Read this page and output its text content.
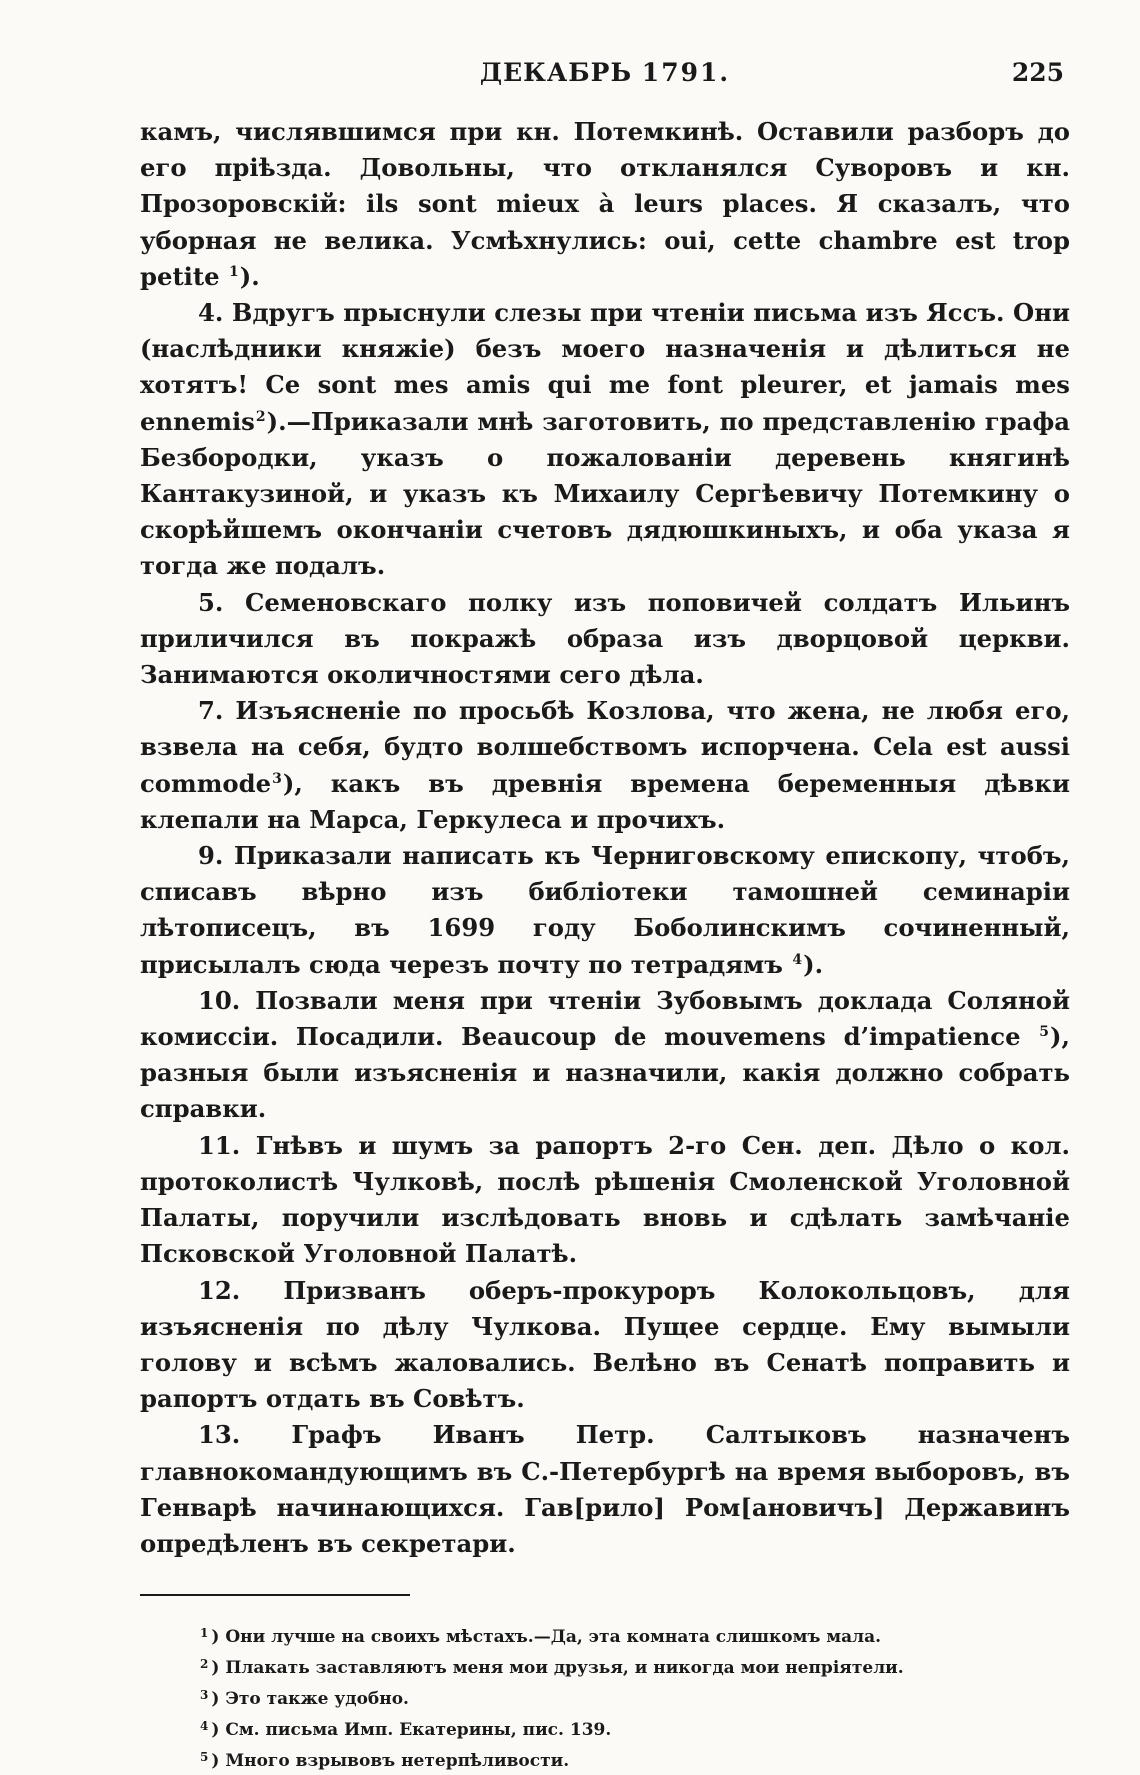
ДЕКАБРЬ 1791.	225

камъ, числявшимся при кн. Потемкинѣ. Оставили разборъ до его пріѣзда. Довольны, что откланялся Суворовъ и кн. Прозоровскій: ils sont mieux à leurs places. Я сказалъ, что уборная не велика. Усмѣхнулись: oui, cette chambre est trop petite $^1$).

4. Вдругъ прыснули слезы при чтеніи письма изъ Яссъ. Они (наслѣдники княжіе) безъ моего назначенія и дѣлиться не хотятъ! Ce sont mes amis qui me font pleurer, et jamais mes ennemis$^2$).—Приказали мнѣ заготовить, по представленію графа Безбородки, указъ о пожалованіи деревень княгинѣ Кантакузиной, и указъ къ Михаилу Сергѣевичу Потемкину о скорѣйшемъ окончаніи счетовъ дядюшкиныхъ, и оба указа я тогда же подалъ.

5. Семеновскаго полку изъ поповичей солдатъ Ильинъ приличился въ покражѣ образа изъ дворцовой церкви. Занимаются околичностями сего дѣла.

7. Изъясненіе по просьбѣ Козлова, что жена, не любя его, взвела на себя, будто волшебствомъ испорчена. Cela est aussi commode$^3$), какъ въ древнія времена беременныя дѣвки клепали на Марса, Геркулеса и прочихъ.

9. Приказали написать къ Черниговскому епископу, чтобъ, списавъ вѣрно изъ библіотеки тамошней семинаріи лѣтописецъ, въ 1699 году Боболинскимъ сочиненный, присылалъ сюда черезъ почту по тетрадямъ $^4$).

10. Позвали меня при чтеніи Зубовымъ доклада Соляной комиссіи. Посадили. Beaucoup de mouvemens d’impatience $^5$), разныя были изъясненія и назначили, какія должно собрать справки.

11. Гнѣвъ и шумъ за рапортъ 2-го Сен. деп. Дѣло о кол. протоколистѣ Чулковѣ, послѣ рѣшенія Смоленской Уголовной Палаты, поручили изслѣдовать вновь и сдѣлать замѣчаніе Псковской Уголовной Палатѣ.

12. Призванъ оберъ-прокуроръ Колокольцовъ, для изъясненія по дѣлу Чулкова. Пущее сердце. Ему вымыли голову и всѣмъ жаловались. Велѣно въ Сенатѣ поправить и рапортъ отдать въ Совѣтъ.

13. Графъ Иванъ Петр. Салтыковъ назначенъ главнокомандующимъ въ С.-Петербургѣ на время выборовъ, въ Генварѣ начинающихся. Гав[рило] Ром[ановичъ] Державинъ опредѣленъ въ секретари.

$^1$ ) Они лучше на своихъ мѣстахъ.—Да, эта комната слишкомъ мала.

$^2$ ) Плакать заставляютъ меня мои друзья, и никогда мои непріятели.

$^3$ ) Это также удобно.

$^4$ ) См. письма Имп. Екатерины, пис. 139.

$^5$ ) Много взрывовъ нетерпѣливости.
